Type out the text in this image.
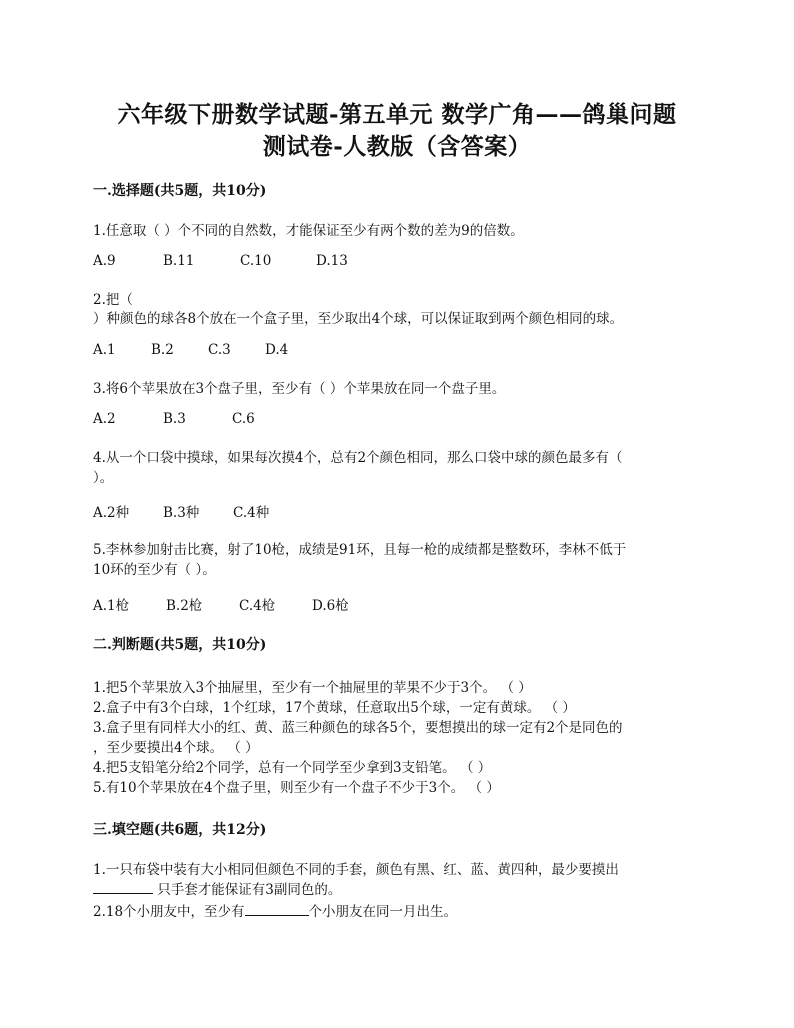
六年级下册数学试题-第五单元 数学广角——鸽巢问题
测试卷-人教版（含答案）
一.选择题(共5题，共10分)
1.任意取（ ）个不同的自然数，才能保证至少有两个数的差为9的倍数。
A.9	B.11	C.10	D.13
2.把（
）种颜色的球各8个放在一个盒子里，至少取出4个球，可以保证取到两个颜色相同的球。
A.1	B.2	C.3	D.4
3.将6个苹果放在3个盘子里，至少有（ ）个苹果放在同一个盘子里。
A.2	B.3	C.6
4.从一个口袋中摸球，如果每次摸4个，总有2个颜色相同，那么口袋中球的颜色最多有（
）。
A.2种	B.3种 C.4种
5.李林参加射击比赛，射了10枪，成绩是91环，且每一枪的成绩都是整数环，李林不低于
10环的至少有（ ）。
A.1枪	B.2枪	C.4枪	D.6枪
二.判断题(共5题，共10分)
1.把5个苹果放入3个抽屉里，至少有一个抽屉里的苹果不少于3个。 （ ）
2.盒子中有3个白球，1个红球，17个黄球，任意取出5个球，一定有黄球。 （ ）
3.盒子里有同样大小的红、黄、蓝三种颜色的球各5个，要想摸出的球一定有2个是同色的
，至少要摸出4个球。 （ ）
4.把5支铅笔分给2个同学，总有一个同学至少拿到3支铅笔。 （ ）
5.有10个苹果放在4个盘子里，则至少有一个盘子不少于3个。 （ ）
三.填空题(共6题，共12分)
1.一只布袋中装有大小相同但颜色不同的手套，颜色有黑、红、蓝、黄四种，最少要摸出
只手套才能保证有3副同色的。
2.18个小朋友中，至少有	个小朋友在同一月出生。
